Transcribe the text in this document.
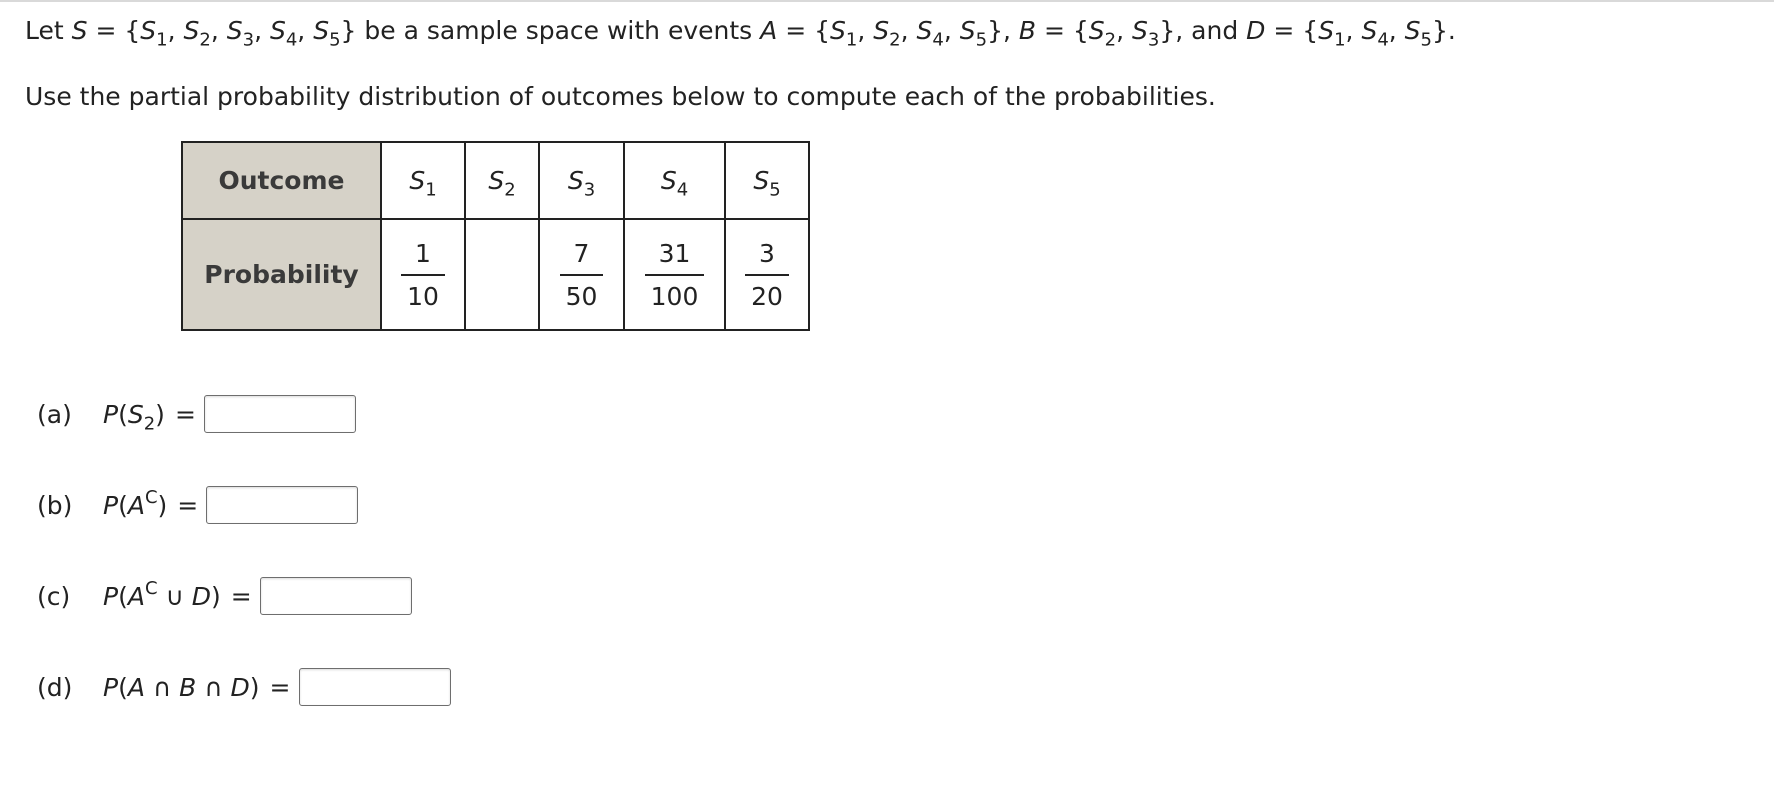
Let $S = \{S_1$, $S_2$, $S_3$, $S_4$, $S_5$} be a sample space with events $A = \{S_1$, $S_2$, $S_4$, $S_5$}, $B = \{S_2$, $S_3$}, and $D = \{S_1$, $S_4$, $S_5$}.
Use the partial probability distribution of outcomes below to compute each of the probabilities.
Outcome	$S_1$	$S_2$	$S_3$	$S_4$	$S_5$
Probability	$\frac{1}{10}$		$\frac{7}{50}$	$\frac{31}{100}$	$\frac{3}{20}$
(a)	$P(S_2)$ =
(b)	$P(A^C)$ =
(c)	$P(A^C$ ∪ D) =
(d)	P(A ∩ B ∩ D) =
